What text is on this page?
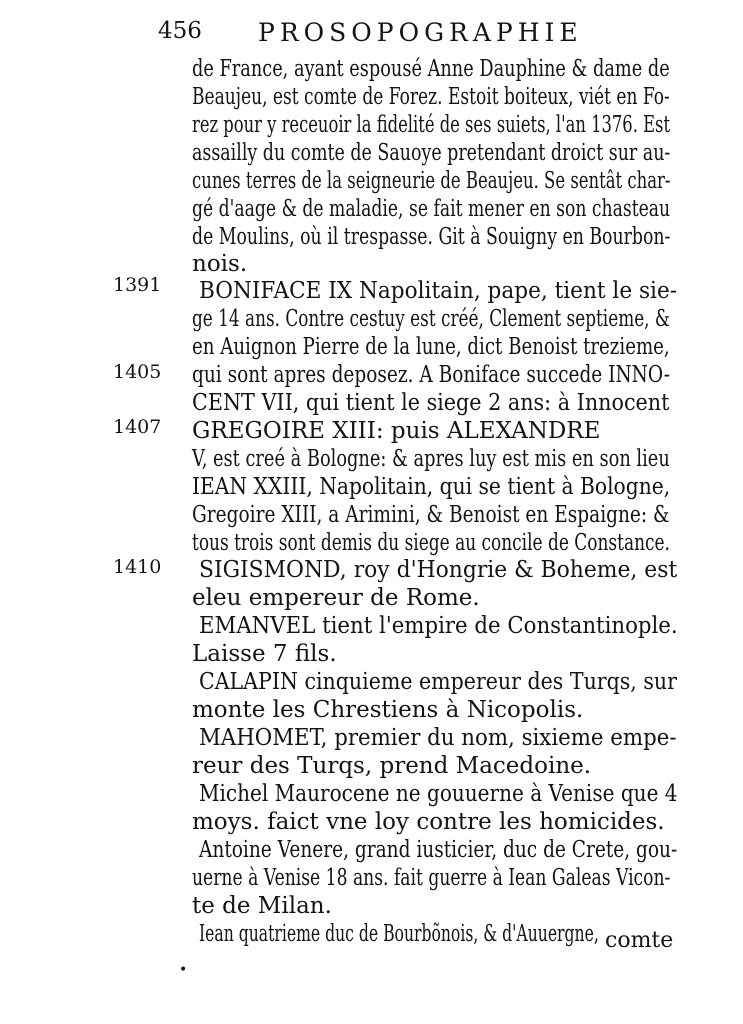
456 PROSOPOGRAPHIE
1391
1405
1407
1410
de France, ayant espousé Anne Dauphine & dame de
Beaujeu, est comte de Forez. Estoit boiteux, viét en Fo-
rez pour y receuoir la fidelité de ses suiets, l'an 1376. Est
assailly du comte de Sauoye pretendant droict sur au-
cunes terres de la seigneurie de Beaujeu. Se sentât char-
gé d'aage & de maladie, se fait mener en son chasteau
de Moulins, où il trespasse. Git à Souigny en Bourbon-
nois.
BONIFACE IX Napolitain, pape, tient le sie-
ge 14 ans. Contre cestuy est créé, Clement septieme, &
en Auignon Pierre de la lune, dict Benoist trezieme,
qui sont apres deposez. A Boniface succede INNO-
CENT VII, qui tient le siege 2 ans: à Innocent
GREGOIRE XIII: puis ALEXANDRE
V, est creé à Bologne: & apres luy est mis en son lieu
IEAN XXIII, Napolitain, qui se tient à Bologne,
Gregoire XIII, a Arimini, & Benoist en Espaigne: &
tous trois sont demis du siege au concile de Constance.
SIGISMOND, roy d'Hongrie & Boheme, est
eleu empereur de Rome.
EMANVEL tient l'empire de Constantinople.
Laisse 7 fils.
CALAPIN cinquieme empereur des Turqs, sur
monte les Chrestiens à Nicopolis.
MAHOMET, premier du nom, sixieme empe-
reur des Turqs, prend Macedoine.
Michel Maurocene ne gouuerne à Venise que 4
moys. faict vne loy contre les homicides.
Antoine Venere, grand iusticier, duc de Crete, gou-
uerne à Venise 18 ans. fait guerre à Iean Galeas Vicon-
te de Milan.
Iean quatrieme duc de Bourbõnois, & d'Auuergne, comte
•
